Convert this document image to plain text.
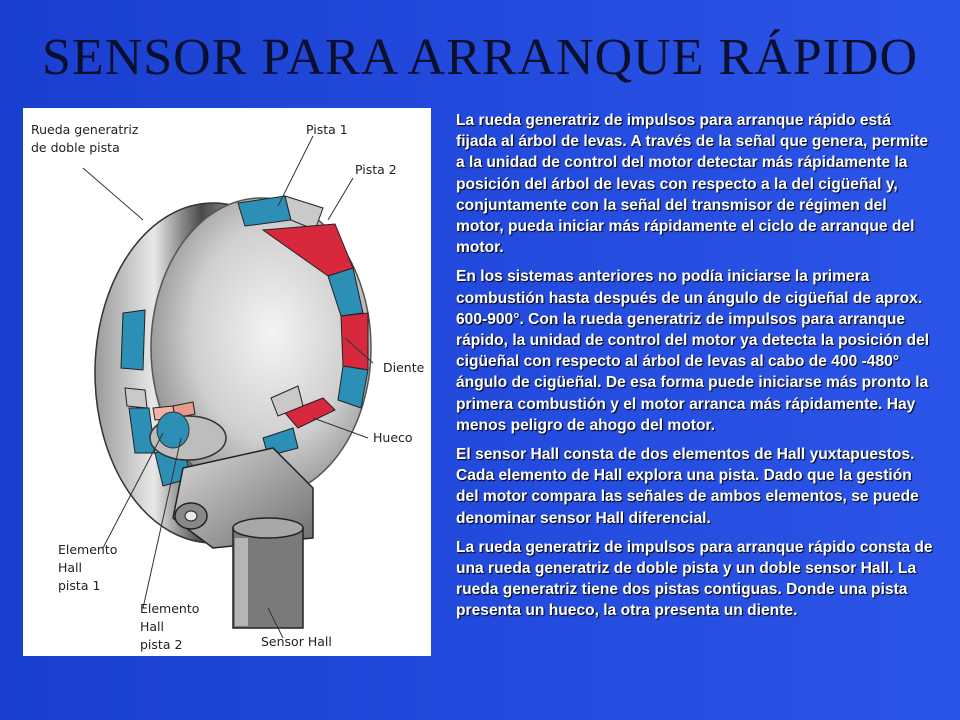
SENSOR PARA ARRANQUE RÁPIDO
Rueda generatriz
de doble pista
Pista 1
Pista 2
Diente
Hueco
Elemento
Hall
pista 1
Elemento
Hall
pista 2	Sensor Hall

La rueda generatriz de impulsos para arranque rápido está fijada al árbol de levas. A través de la señal que genera, permite a la unidad de control del motor detectar más rápidamente la posición del árbol de levas con respecto a la del cigüeñal y, conjuntamente con la señal del transmisor de régimen del motor, pueda iniciar más rápidamente el ciclo de arranque del motor.

En los sistemas anteriores no podía iniciarse la primera combustión hasta después de un ángulo de cigüeñal de aprox. 600-900°. Con la rueda generatriz de impulsos para arranque rápido, la unidad de control del motor ya detecta la posición del cigüeñal con respecto al árbol de levas al cabo de 400 -480° ángulo de cigüeñal. De esa forma puede iniciarse más pronto la primera combustión y el motor arranca más rápidamente. Hay menos peligro de ahogo del motor.

El sensor Hall consta de dos elementos de Hall yuxtapuestos. Cada elemento de Hall explora una pista. Dado que la gestión del motor compara las señales de ambos elementos, se puede denominar sensor Hall diferencial.

La rueda generatriz de impulsos para arranque rápido consta de una rueda generatriz de doble pista y un doble sensor Hall. La rueda generatriz tiene dos pistas contiguas. Donde una pista presenta un hueco, la otra presenta un diente.
